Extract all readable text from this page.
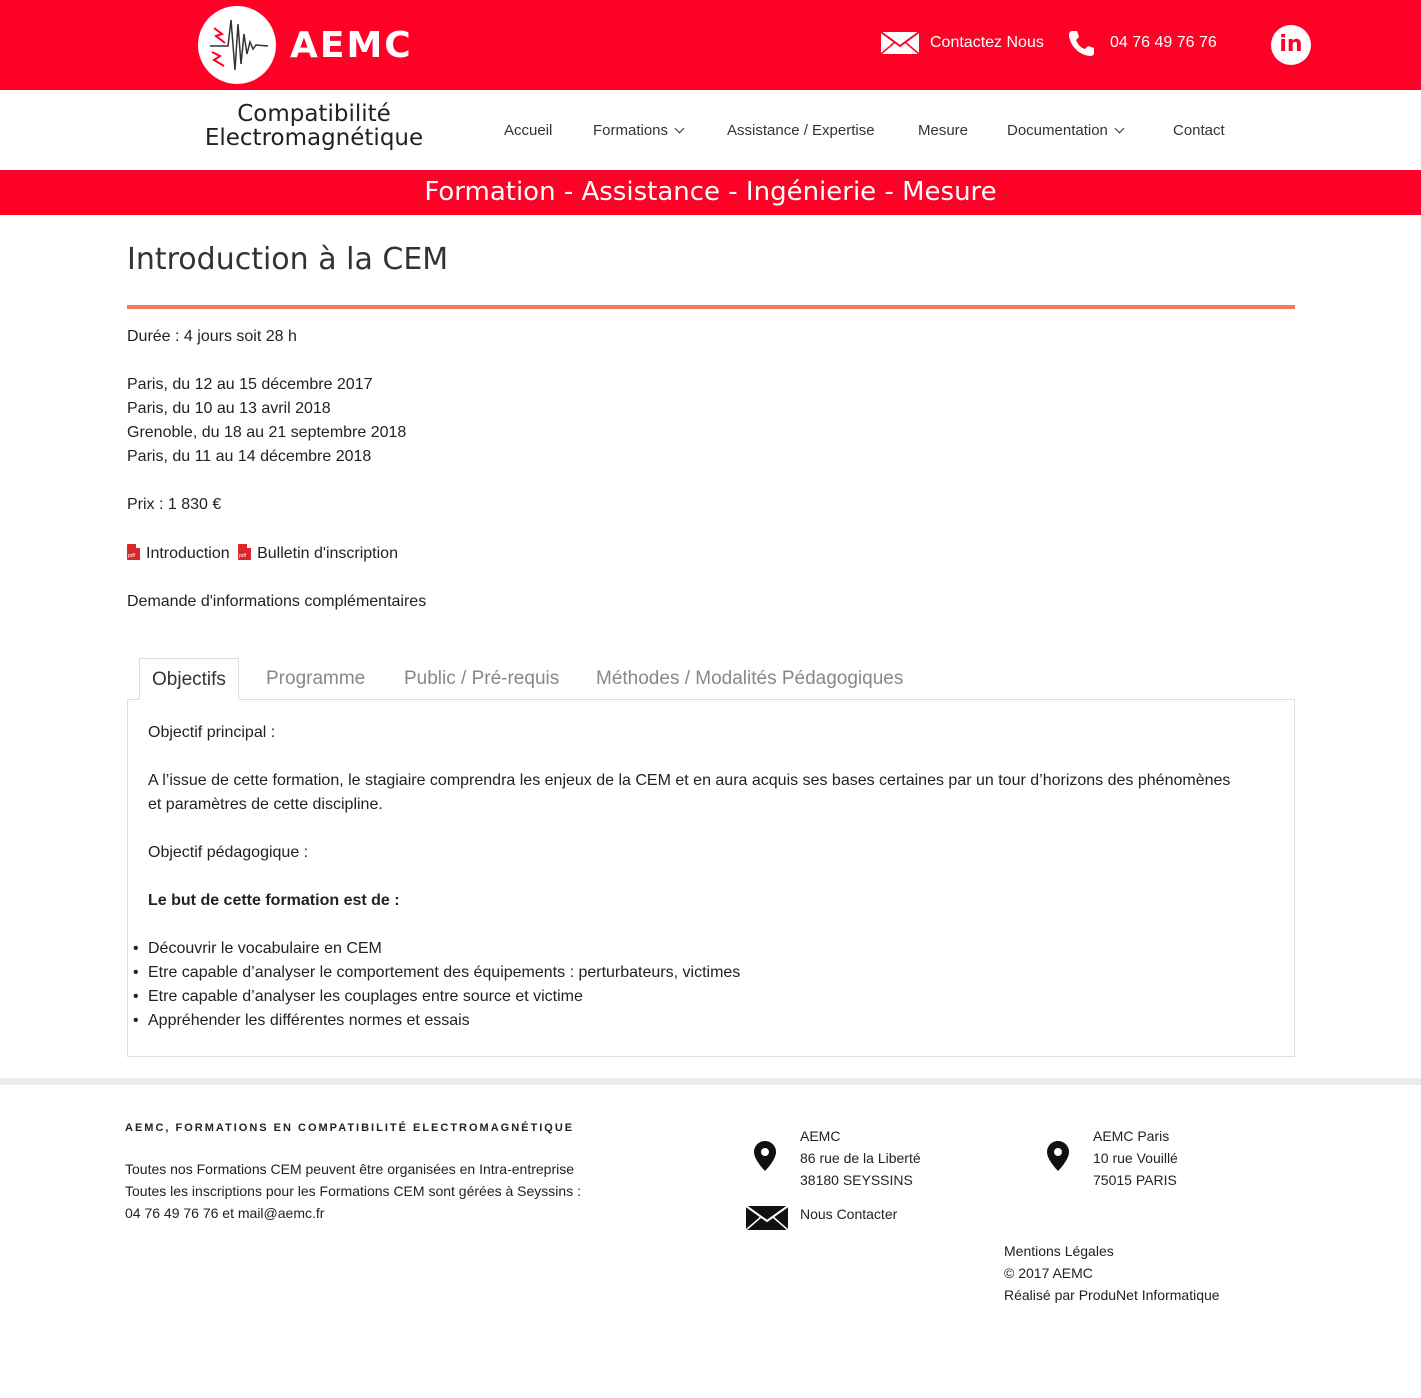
AEMC	Contactez Nous	04 76 49 76 76	in
Compatibilité
Electromagnétique	Accueil	Formations	Assistance / Expertise	Mesure	Documentation	Contact
Formation - Assistance - Ingénierie - Mesure
Introduction à la CEM
Durée : 4 jours soit 28 h
Paris, du 12 au 15 décembre 2017
Paris, du 10 au 13 avril 2018
Grenoble, du 18 au 21 septembre 2018
Paris, du 11 au 14 décembre 2018
Prix : 1 830 €
pdfIntroduction pdf Bulletin d'inscription
Demande d'informations complémentaires
Objectifs	Programme Public / Pré-requis Méthodes / Modalités Pédagogiques
Objectif principal :
A l’issue de cette formation, le stagiaire comprendra les enjeux de la CEM et en aura acquis ses bases certaines par un tour d’horizons des phénomènes
et paramètres de cette discipline.
Objectif pédagogique :
Le but de cette formation est de :
• Découvrir le vocabulaire en CEM
• Etre capable d’analyser le comportement des équipements : perturbateurs, victimes
• Etre capable d’analyser les couplages entre source et victime
• Appréhender les différentes normes et essais
AEMC, FORMATIONS EN COMPATIBILITÉ ELECTROMAGNÉTIQUE
Toutes nos Formations CEM peuvent être organisées en Intra-entreprise
Toutes les inscriptions pour les Formations CEM sont gérées à Seyssins :
04 76 49 76 76 et mail@aemc.fr
AEMC
86 rue de la Liberté
38180 SEYSSINS
AEMC Paris
10 rue Vouillé
75015 PARIS
Nous Contacter
Mentions Légales
© 2017 AEMC
Réalisé par ProduNet Informatique
